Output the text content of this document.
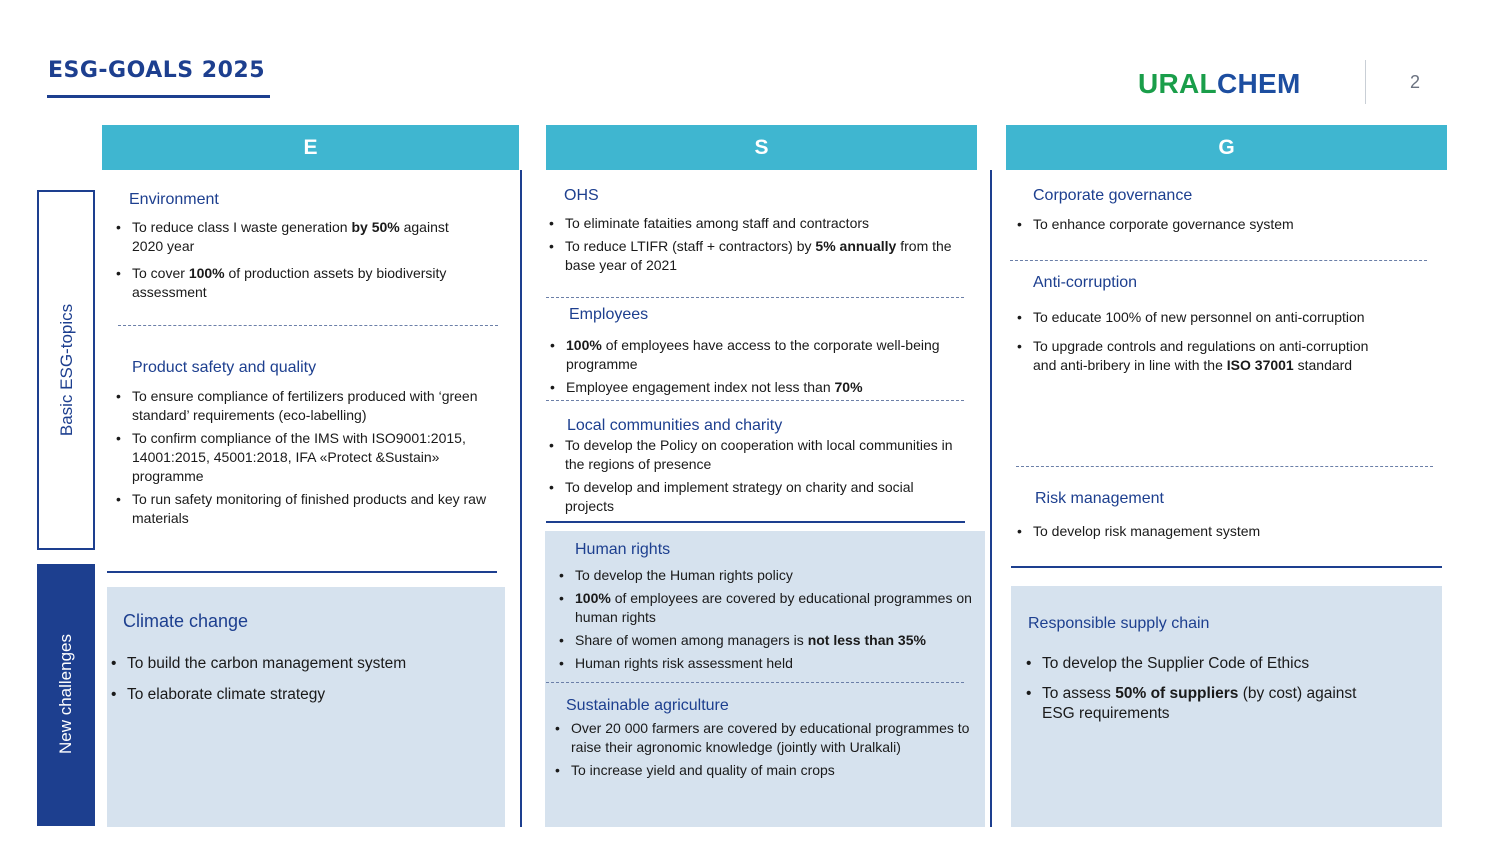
ESG-GOALS 2025	URALCHEM	2
E	S	G
Basic ESG-topics
New challenges
Environment
• To reduce class I waste generation by 50% against 2020 year
• To cover 100% of production assets by biodiversity assessment
Product safety and quality
• To ensure compliance of fertilizers produced with ‘green standard’ requirements (eco-labelling)
• To confirm compliance of the IMS with ISO9001:2015, 14001:2015, 45001:2018, IFA «Protect &Sustain» programme
• To run safety monitoring of finished products and key raw materials
Climate change
• To build the carbon management system
• To elaborate climate strategy
OHS
• To eliminate fataities among staff and contractors
• To reduce LTIFR (staff + contractors) by 5% annually from the base year of 2021
Employees
• 100% of employees have access to the corporate well-being programme
• Employee engagement index not less than 70%
Local communities and charity
• To develop the Policy on cooperation with local communities in the regions of presence
• To develop and implement strategy on charity and social projects
Human rights
• To develop the Human rights policy
• 100% of employees are covered by educational programmes on human rights
• Share of women among managers is not less than 35%
• Human rights risk assessment held
Sustainable agriculture
• Over 20 000 farmers are covered by educational programmes to raise their agronomic knowledge (jointly with Uralkali)
• To increase yield and quality of main crops
Corporate governance
• To enhance corporate governance system
Anti-corruption
• To educate 100% of new personnel on anti-corruption
• To upgrade controls and regulations on anti-corruption and anti-bribery in line with the ISO 37001 standard
Risk management
• To develop risk management system
Responsible supply chain
• To develop the Supplier Code of Ethics
• To assess 50% of suppliers (by cost) against ESG requirements
